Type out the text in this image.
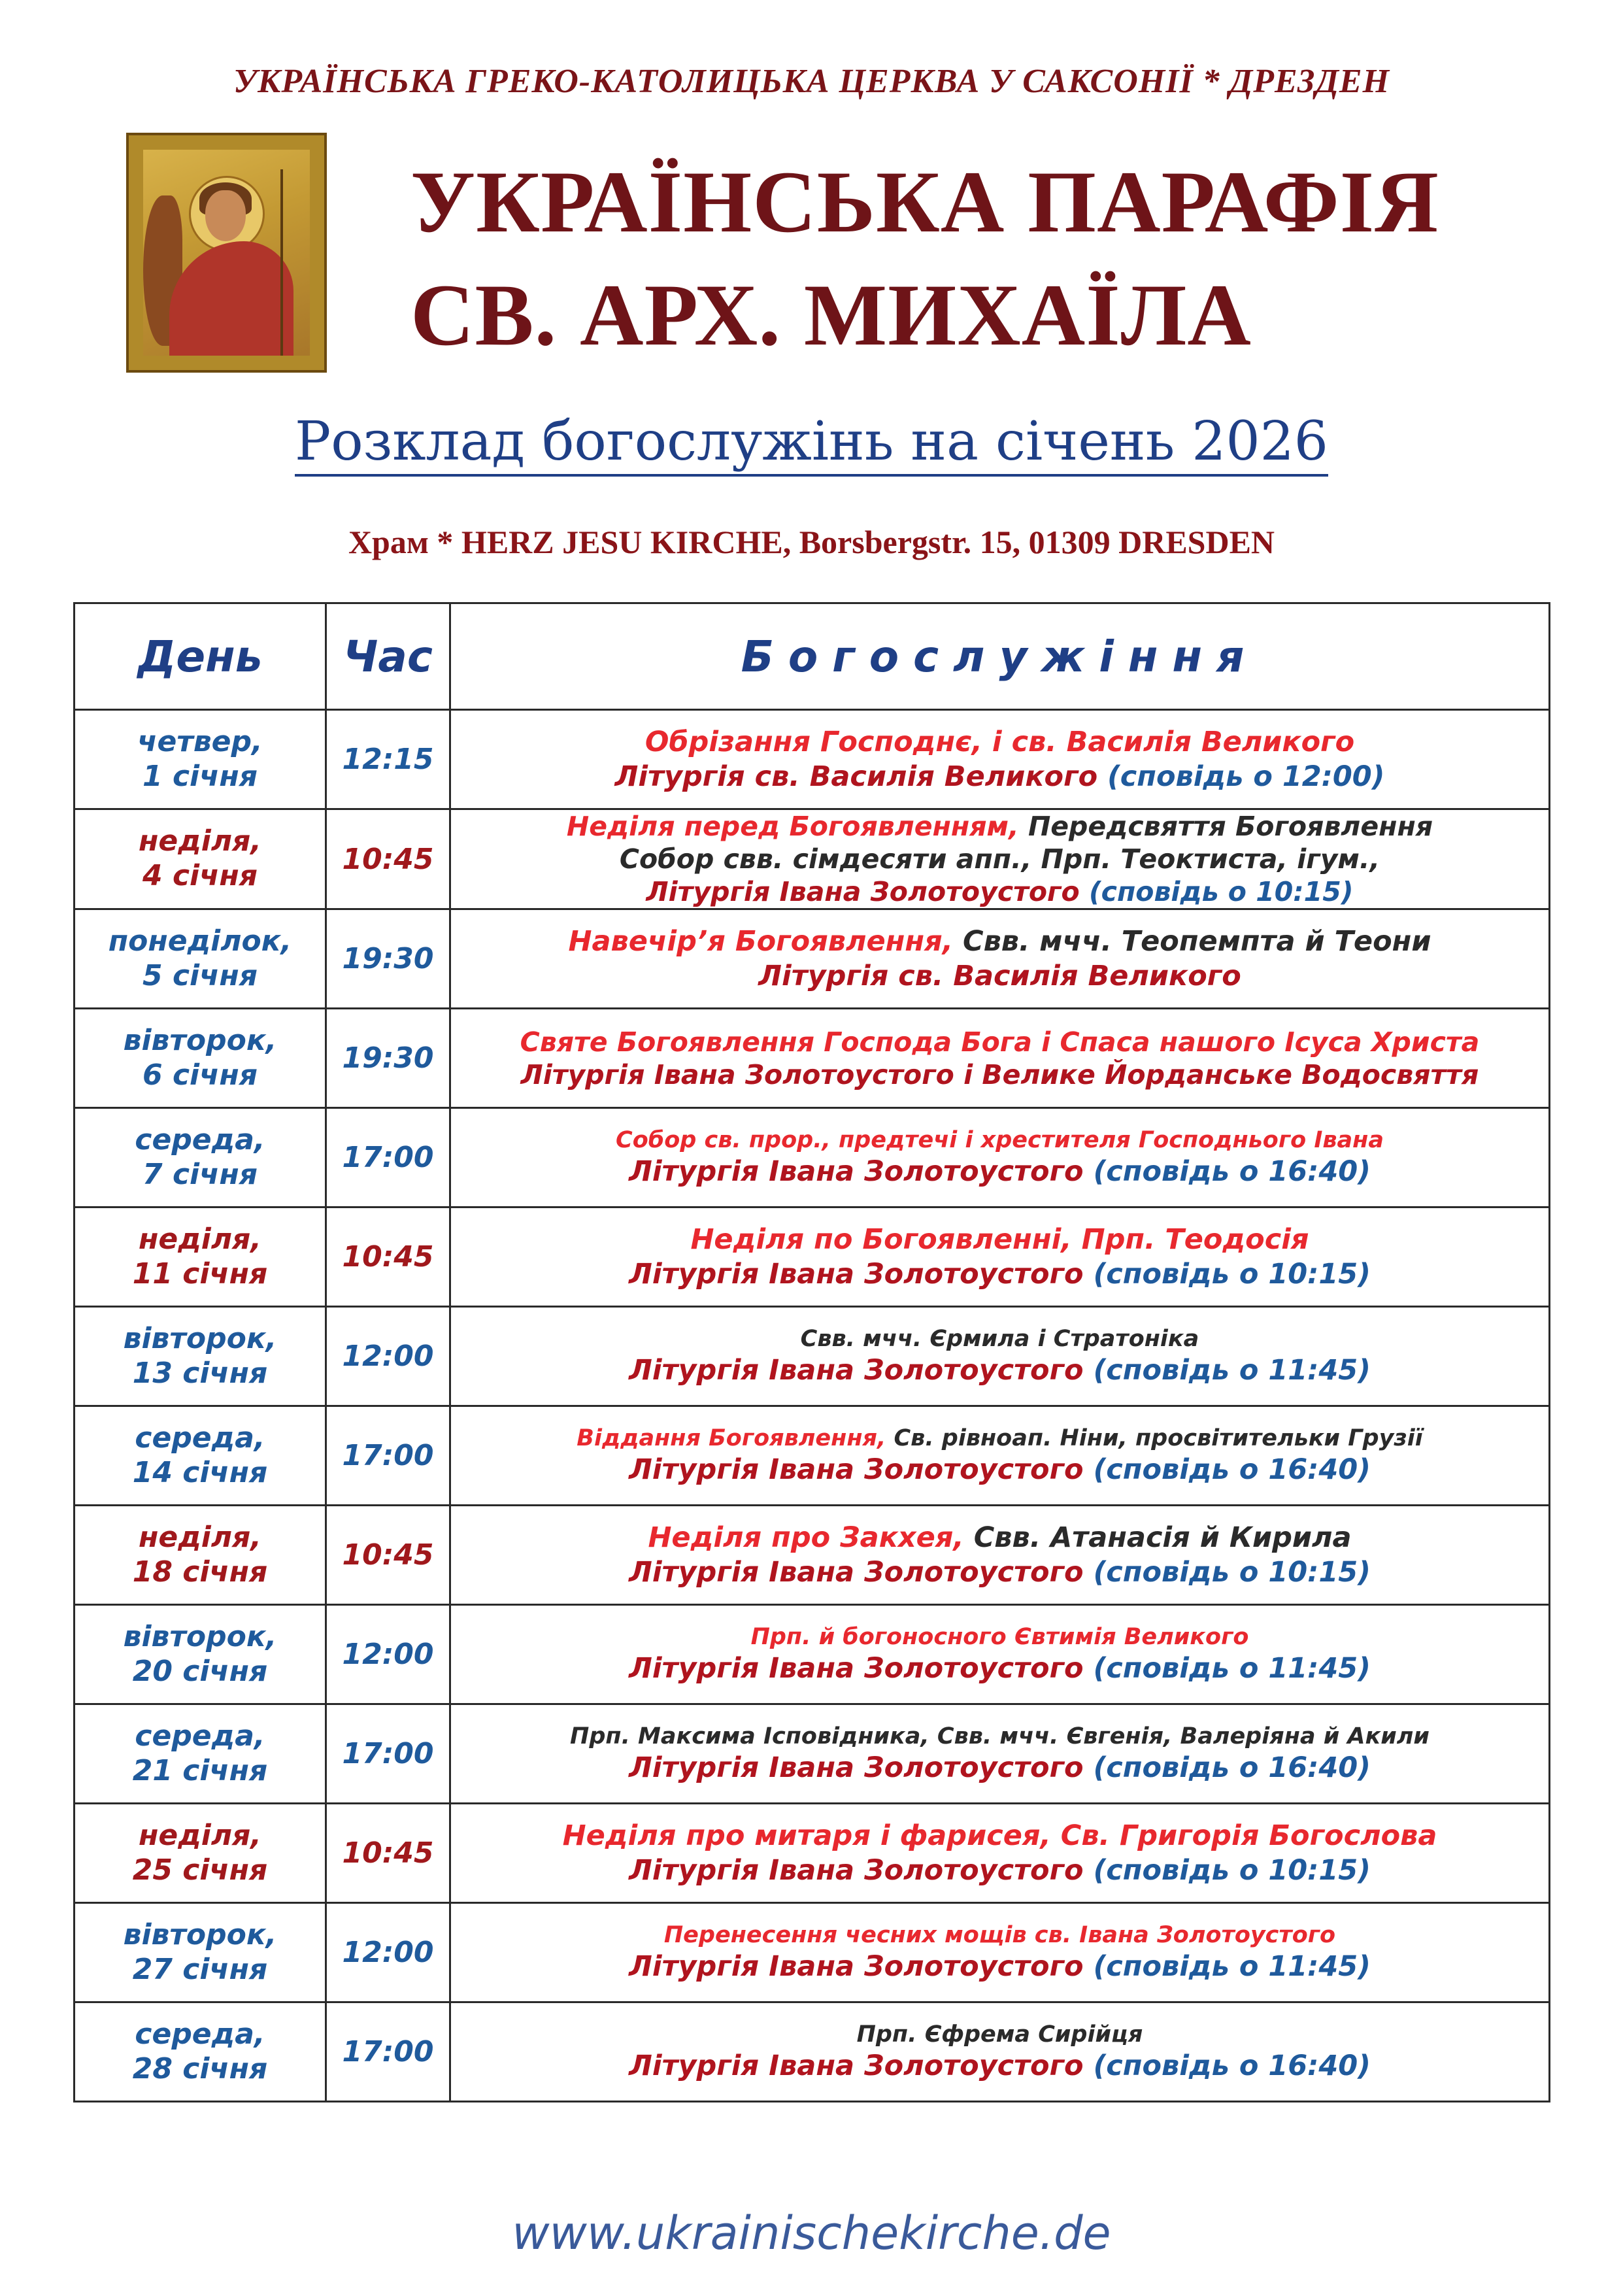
УКРАЇНСЬКА ГРЕКО-КАТОЛИЦЬКА ЦЕРКВА У САКСОНІЇ * ДРЕЗДЕН
УКРАЇНСЬКА ПАРАФІЯ
СВ. АРХ. МИХАЇЛА
Розклад богослужінь на січень 2026
Храм * HERZ JESU KIRCHE, Borsbergstr. 15, 01309 DRESDEN
День	Час	Богослужіння

четвер,
1 січня	12:15	Обрізання Господнє, і св. Василія Великого
Літургія св. Василія Великого (сповідь о 12:00)

неділя,
4 січня	10:45	Неділя перед Богоявленням, Передсвяття Богоявлення
Собор свв. сімдесяти апп., Прп. Теоктиста, ігум.,
Літургія Івана Золотоустого (сповідь о 10:15)

понеділок,
5 січня	19:30	Навечір’я Богоявлення, Свв. мчч. Теопемпта й Теони
Літургія св. Василія Великого

вівторок,
6 січня	19:30	Святе Богоявлення Господа Бога і Спаса нашого Ісуса Христа
Літургія Івана Золотоустого і Велике Йорданське Водосвяття

середа,
7 січня	17:00	Собор св. прор., предтечі і хрестителя Господнього Івана
Літургія Івана Золотоустого (сповідь о 16:40)

неділя,
11 січня	10:45	Неділя по Богоявленні, Прп. Теодосія
Літургія Івана Золотоустого (сповідь о 10:15)

вівторок,
13 січня	12:00	Свв. мчч. Єрмила і Стратоніка
Літургія Івана Золотоустого (сповідь о 11:45)

середа,
14 січня	17:00	Віддання Богоявлення, Св. рівноап. Ніни, просвітительки Грузії
Літургія Івана Золотоустого (сповідь о 16:40)

неділя,
18 січня	10:45	Неділя про Закхея, Свв. Атанасія й Кирила
Літургія Івана Золотоустого (сповідь о 10:15)

вівторок,
20 січня	12:00	Прп. й богоносного Євтимія Великого
Літургія Івана Золотоустого (сповідь о 11:45)

середа,
21 січня	17:00	Прп. Максима Ісповідника, Свв. мчч. Євгенія, Валеріяна й Акили
Літургія Івана Золотоустого (сповідь о 16:40)

неділя,
25 січня	10:45	Неділя про митаря і фарисея, Св. Григорія Богослова
Літургія Івана Золотоустого (сповідь о 10:15)

вівторок,
27 січня	12:00	Перенесення чесних мощів св. Івана Золотоустого
Літургія Івана Золотоустого (сповідь о 11:45)

середа,
28 січня	17:00	Прп. Єфрема Сирійця
Літургія Івана Золотоустого (сповідь о 16:40)
www.ukrainischekirche.de
